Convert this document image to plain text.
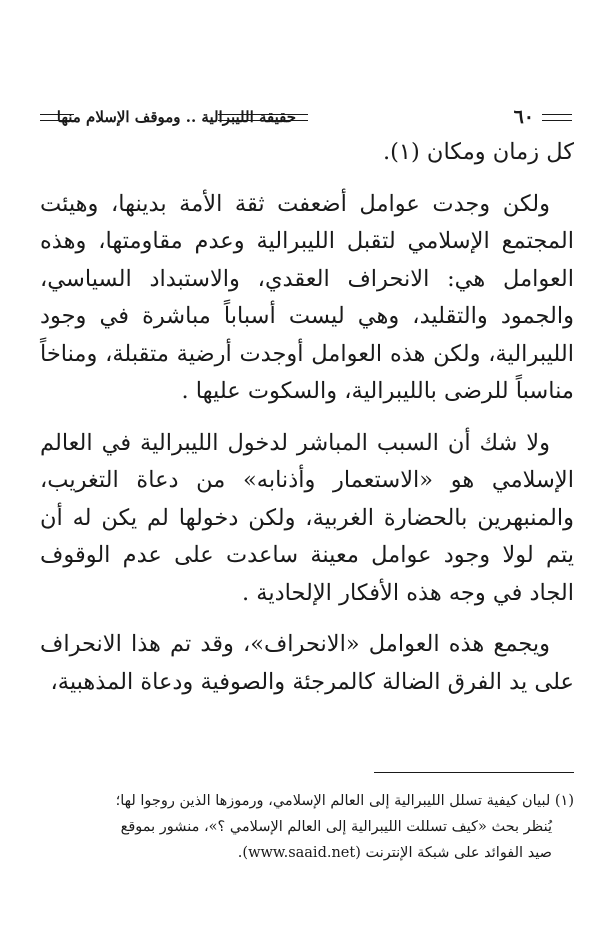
٦٠
حقيقة الليبرالية .. وموقف الإسلام منها

كل زمان ومكان (١).

ولكن وجدت عوامل أضعفت ثقة الأمة بدينها، وهيئت المجتمع الإسلامي لتقبل الليبرالية وعدم مقاومتها، وهذه العوامل هي: الانحراف العقدي، والاستبداد السياسي، والجمود والتقليد، وهي ليست أسباباً مباشرة في وجود الليبرالية، ولكن هذه العوامل أوجدت أرضية متقبلة، ومناخاً مناسباً للرضى بالليبرالية، والسكوت عليها .

ولا شك أن السبب المباشر لدخول الليبرالية في العالم الإسلامي هو «الاستعمار وأذنابه» من دعاة التغريب، والمنبهرين بالحضارة الغربية، ولكن دخولها لم يكن له أن يتم لولا وجود عوامل معينة ساعدت على عدم الوقوف الجاد في وجه هذه الأفكار الإلحادية .

ويجمع هذه العوامل «الانحراف»، وقد تم هذا الانحراف على يد الفرق الضالة كالمرجئة والصوفية ودعاة المذهبية،

(١) لبيان كيفية تسلل الليبرالية إلى العالم الإسلامي، ورموزها الذين روجوا لها؛

يُنظر بحث «كيف تسللت الليبرالية إلى العالم الإسلامي ؟»، منشور بموقع

صيد الفوائد على شبكة الإنترنت (www.saaid.net).
